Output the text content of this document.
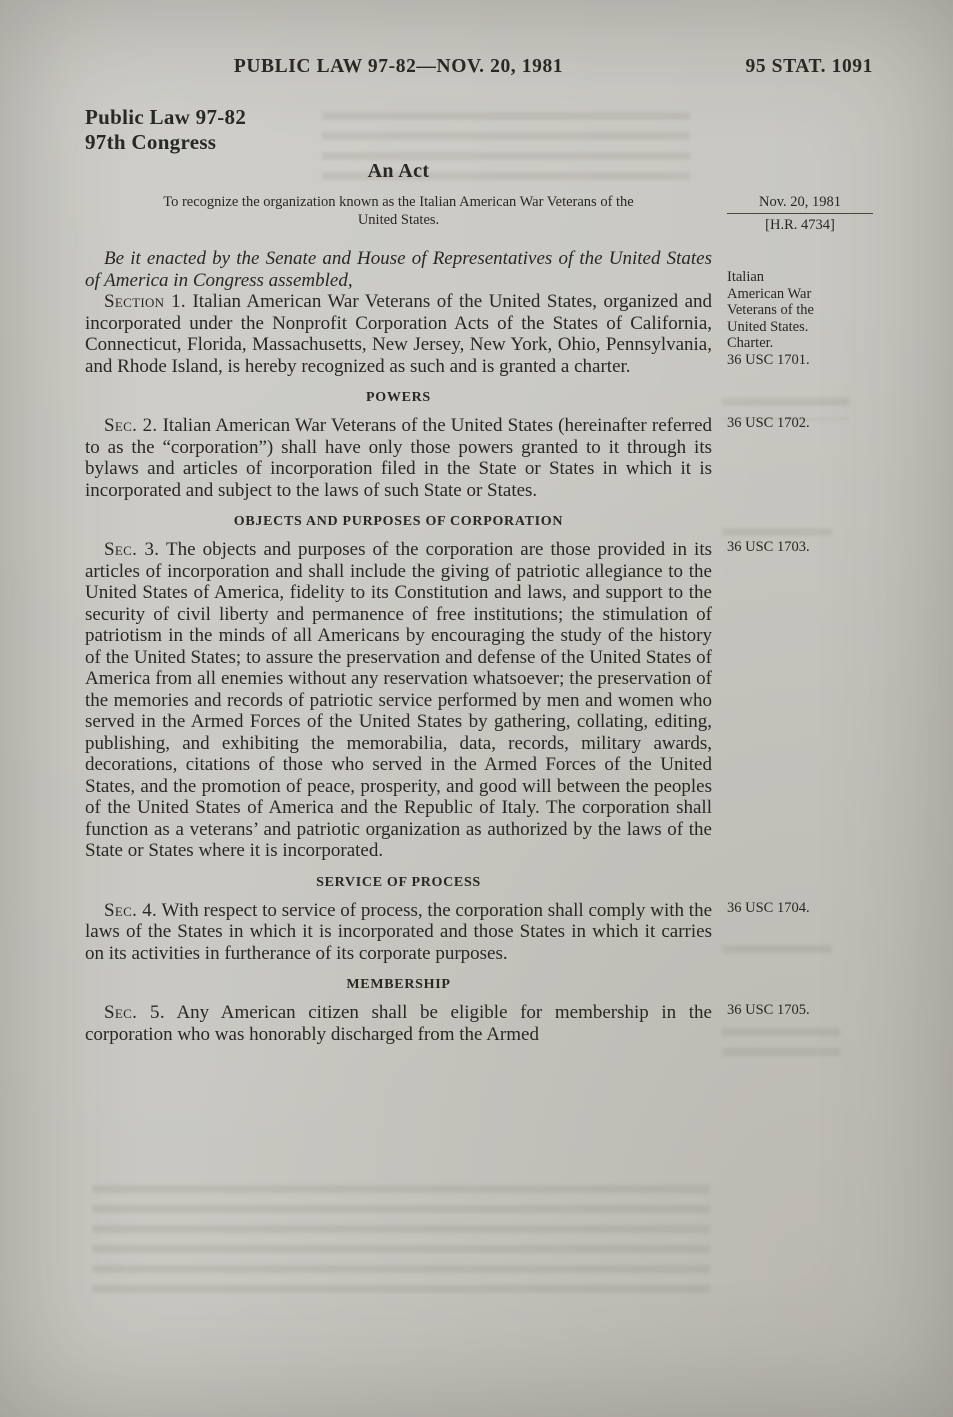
PUBLIC LAW 97-82—NOV. 20, 1981	95 STAT. 1091
Public Law 97-82
97th Congress
An Act
To recognize the organization known as the Italian American War Veterans of the
United States.
Nov. 20, 1981
[H.R. 4734]

Be it enacted by the Senate and House of Representatives of the United States of America in Congress assembled,

Section 1. Italian American War Veterans of the United States, organized and incorporated under the Nonprofit Corporation Acts of the States of California, Connecticut, Florida, Massachusetts, New Jersey, New York, Ohio, Pennsylvania, and Rhode Island, is hereby recognized as such and is granted a charter.

Italian
American War
Veterans of the
United States.
Charter.
36 USC 1701.
POWERS

Sec. 2. Italian American War Veterans of the United States (hereinafter referred to as the “corporation”) shall have only those powers granted to it through its bylaws and articles of incorporation filed in the State or States in which it is incorporated and subject to the laws of such State or States.

36 USC 1702.
OBJECTS AND PURPOSES OF CORPORATION

Sec. 3. The objects and purposes of the corporation are those provided in its articles of incorporation and shall include the giving of patriotic allegiance to the United States of America, fidelity to its Constitution and laws, and support to the security of civil liberty and permanence of free institutions; the stimulation of patriotism in the minds of all Americans by encouraging the study of the history of the United States; to assure the preservation and defense of the United States of America from all enemies without any reservation whatsoever; the preservation of the memories and records of patriotic service performed by men and women who served in the Armed Forces of the United States by gathering, collating, editing, publishing, and exhibiting the memorabilia, data, records, military awards, decorations, citations of those who served in the Armed Forces of the United States, and the promotion of peace, prosperity, and good will between the peoples of the United States of America and the Republic of Italy. The corporation shall function as a veterans’ and patriotic organization as authorized by the laws of the State or States where it is incorporated.

36 USC 1703.
SERVICE OF PROCESS

Sec. 4. With respect to service of process, the corporation shall comply with the laws of the States in which it is incorporated and those States in which it carries on its activities in furtherance of its corporate purposes.

36 USC 1704.
MEMBERSHIP

Sec. 5. Any American citizen shall be eligible for membership in the corporation who was honorably discharged from the Armed

36 USC 1705.
